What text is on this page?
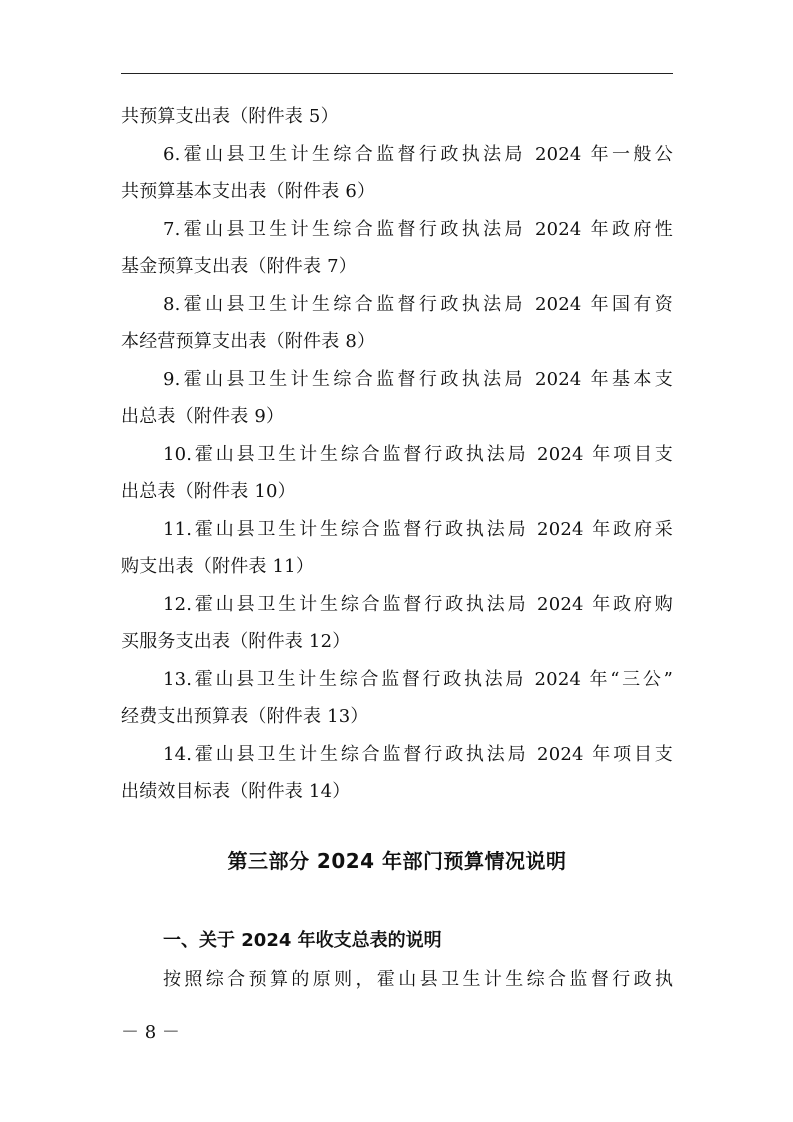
共预算支出表（附件表 5）
6.霍山县卫生计生综合监督行政执法局 2024 年一般公
共预算基本支出表（附件表 6）
7.霍山县卫生计生综合监督行政执法局 2024 年政府性
基金预算支出表（附件表 7）
8.霍山县卫生计生综合监督行政执法局 2024 年国有资
本经营预算支出表（附件表 8）
9.霍山县卫生计生综合监督行政执法局 2024 年基本支
出总表（附件表 9）
10.霍山县卫生计生综合监督行政执法局 2024 年项目支
出总表（附件表 10）
11.霍山县卫生计生综合监督行政执法局 2024 年政府采
购支出表（附件表 11）
12.霍山县卫生计生综合监督行政执法局 2024 年政府购
买服务支出表（附件表 12）
13.霍山县卫生计生综合监督行政执法局 2024 年“三公”
经费支出预算表（附件表 13）
14.霍山县卫生计生综合监督行政执法局 2024 年项目支
出绩效目标表（附件表 14）
第三部分 2024 年部门预算情况说明
一、关于 2024 年收支总表的说明
按照综合预算的原则，霍山县卫生计生综合监督行政执
－ 8 －
